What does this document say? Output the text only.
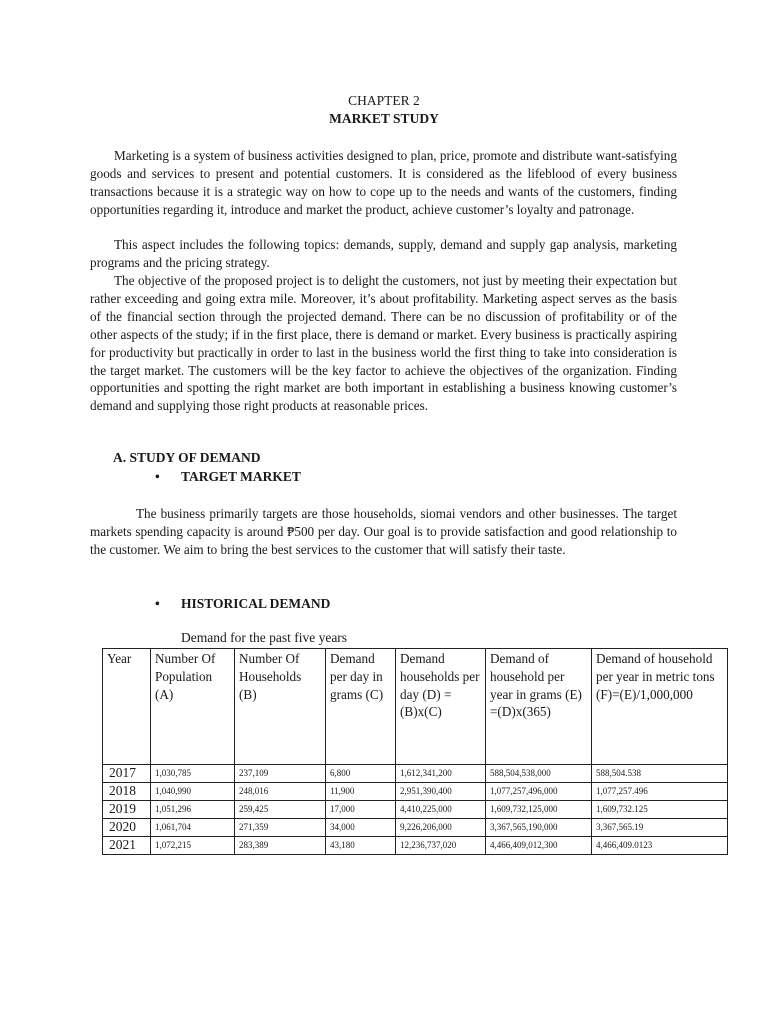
CHAPTER 2
MARKET STUDY

Marketing is a system of business activities designed to plan, price, promote and distribute want-satisfying goods and services to present and potential customers. It is considered as the lifeblood of every business transactions because it is a strategic way on how to cope up to the needs and wants of the customers, finding opportunities regarding it, introduce and market the product, achieve customer’s loyalty and patronage.

This aspect includes the following topics: demands, supply, demand and supply gap analysis, marketing programs and the pricing strategy.

The objective of the proposed project is to delight the customers, not just by meeting their expectation but rather exceeding and going extra mile. Moreover, it’s about profitability. Marketing aspect serves as the basis of the financial section through the projected demand. There can be no discussion of profitability or of the other aspects of the study; if in the first place, there is demand or market. Every business is practically aspiring for productivity but practically in order to last in the business world the first thing to take into consideration is the target market. The customers will be the key factor to achieve the objectives of the organization. Finding opportunities and spotting the right market are both important in establishing a business knowing customer’s demand and supplying those right products at reasonable prices.

A. STUDY OF DEMAND
• TARGET MARKET

The business primarily targets are those households, siomai vendors and other businesses. The target markets spending capacity is around ₱500 per day. Our goal is to provide satisfaction and good relationship to the customer. We aim to bring the best services to the customer that will satisfy their taste.

• HISTORICAL DEMAND
Demand for the past five years
Year	Number Of Population (A)	Number Of Households (B)	Demand per day in grams (C)	Demand households per day (D) =(B)x(C)	Demand of household per year in grams (E) =(D)x(365)	Demand of household per year in metric tons (F)=(E)/1,000,000
2017	1,030,785	237,109	6,800	1,612,341,200	588,504,538,000	588,504.538
2018	1,040,990	248,016	11,900	2,951,390,400	1,077,257,496,000	1,077,257.496
2019	1,051,296	259,425	17,000	4,410,225,000	1,609,732,125,000	1,609,732.125
2020	1,061,704	271,359	34,000	9,226,206,000	3,367,565,190,000	3,367,565.19
2021	1,072,215	283,389	43,180	12,236,737,020	4,466,409,012,300	4,466,409.0123
